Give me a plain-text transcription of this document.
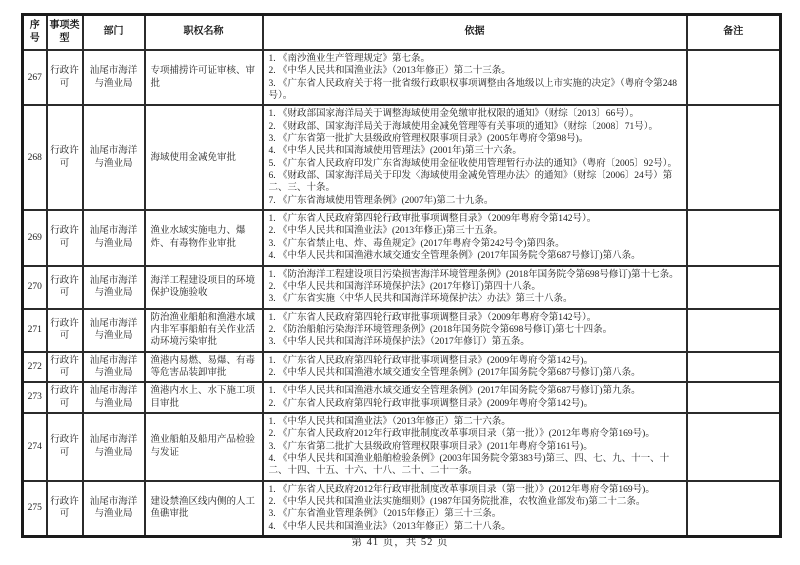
序号	事项类型	部门	职权名称	依据	备注
267	行政许可	汕尾市海洋与渔业局	专项捕捞许可证审核、审批	1. 《南沙渔业生产管理规定》第七条。
2. 《中华人民共和国渔业法》（2013年修正）第二十三条。
3. 《广东省人民政府关于将一批省级行政职权事项调整由各地级以上市实施的决定》（粤府令第248号）。	

268	行政许可	汕尾市海洋与渔业局	海域使用金减免审批	
1. 《财政部国家海洋局关于调整海域使用金免缴审批权限的通知》（财综〔2013〕66号）。
2. 《财政部、国家海洋局关于海域使用金减免管理等有关事项的通知》（财综〔2008〕71号）。
3. 《广东省第一批扩大县级政府管理权限事项目录》(2005年粤府令第98号)。
4. 《中华人民共和国海域使用管理法》(2001年)第三十六条。
5. 《广东省人民政府印发广东省海域使用金征收使用管理暂行办法的通知》（粤府〔2005〕92号）。
6. 《财政部、国家海洋局关于印发〈海域使用金减免管理办法〉的通知》（财综〔2006〕24号）第二、三、十条。
7. 《广东省海域使用管理条例》(2007年)第二十九条。

269	行政许可	汕尾市海洋与渔业局	渔业水域实施电力、爆炸、有毒物作业审批	1. 《广东省人民政府第四轮行政审批事项调整目录》（2009年粤府令第142号）。
2. 《中华人民共和国渔业法》(2013年修正)第三十五条。
3. 《广东省禁止电、炸、毒鱼规定》(2017年粤府令第242号令)第四条。
4. 《中华人民共和国渔港水域交通安全管理条例》(2017年国务院令第687号修订)第八条。	

270	行政许可	汕尾市海洋与渔业局	海洋工程建设项目的环境保护设施验收	1. 《防治海洋工程建设项目污染损害海洋环境管理条例》(2018年国务院令第698号修订)第十七条。
2. 《中华人民共和国海洋环境保护法》(2017年修订)第四十八条。
3. 《广东省实施〈中华人民共和国海洋环境保护法〉办法》第三十八条。	

271	行政许可	汕尾市海洋与渔业局	防治渔业船舶和渔港水域内非军事船舶有关作业活动环境污染审批	1. 《广东省人民政府第四轮行政审批事项调整目录》（2009年粤府令第142号）。
2. 《防治船舶污染海洋环境管理条例》(2018年国务院令第698号修订)第七十四条。
3. 《中华人民共和国海洋环境保护法》（2017年修订）第五条。	

272	行政许可	汕尾市海洋与渔业局	渔港内易燃、易爆、有毒等危害品装卸审批	1. 《广东省人民政府第四轮行政审批事项调整目录》(2009年粤府令第142号)。
2. 《中华人民共和国渔港水域交通安全管理条例》(2017年国务院令第687号修订)第八条。	

273	行政许可	汕尾市海洋与渔业局	渔港内水上、水下施工项目审批	1. 《中华人民共和国渔港水域交通安全管理条例》(2017年国务院令第687号修订)第九条。
2. 《广东省人民政府第四轮行政审批事项调整目录》(2009年粤府令第142号)。	

274	行政许可	汕尾市海洋与渔业局	渔业船舶及船用产品检验与发证	1. 《中华人民共和国渔业法》（2013年修正）第二十六条。
2. 《广东省人民政府2012年行政审批制度改革事项目录（第一批）》(2012年粤府令第169号)。
3. 《广东省第二批扩大县级政府管理权限事项目录》(2011年粤府令第161号)。
4. 《中华人民共和国渔业船舶检验条例》(2003年国务院令第383号)第三、四、七、九、十一、十二、十四、十五、十六、十八、二十、二十一条。	

275	行政许可	汕尾市海洋与渔业局	建设禁渔区线内侧的人工鱼礁审批	1. 《广东省人民政府2012年行政审批制度改革事项目录（第一批）》(2012年粤府令第169号)。
2. 《中华人民共和国渔业法实施细则》(1987年国务院批准，农牧渔业部发布)第二十二条。
3. 《广东省渔业管理条例》（2015年修正）第三十三条。
4. 《中华人民共和国渔业法》（2013年修正）第二十八条。	

第 41 页，共 52 页
